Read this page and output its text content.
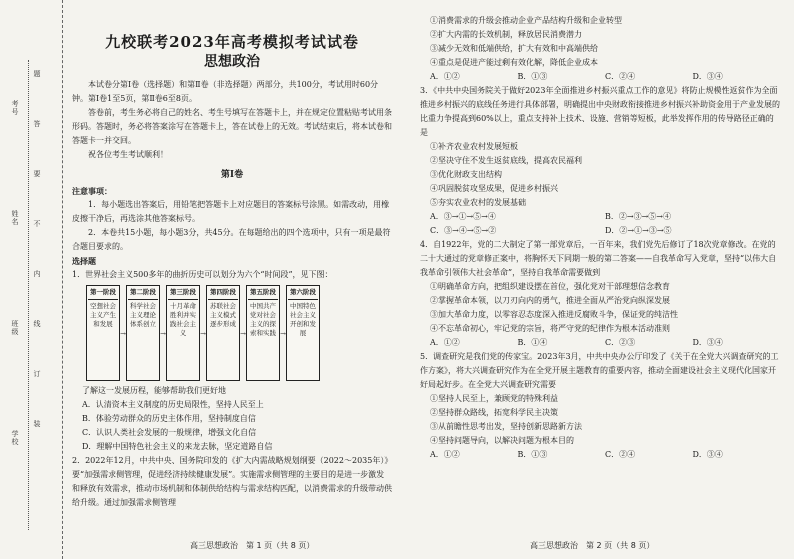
题
答
要
不
内
线
订
装
考号
姓名
班级
学校
九校联考2023年高考模拟考试试卷
思想政治

本试卷分第Ⅰ卷（选择题）和第Ⅱ卷（非选择题）两部分，共100分，考试用时60分钟。第Ⅰ卷1至5页，第Ⅱ卷6至8页。

答卷前，考生务必将自己的姓名、考生号填写在答题卡上，并在规定位置粘贴考试用条形码。答题时，务必将答案涂写在答题卡上，答在试卷上的无效。考试结束后，将本试卷和答题卡一并交回。

祝各位考生考试顺利！

第Ⅰ卷

注意事项：

1．每小题选出答案后，用铅笔把答题卡上对应题目的答案标号涂黑。如需改动，用橡皮擦干净后，再选涂其他答案标号。

2．本卷共15小题，每小题3分，共45分。在每题给出的四个选项中，只有一项是最符合题目要求的。

选择题

1．世界社会主义500多年的曲折历史可以划分为六个“时间段”，见下图：

第一阶段
空想社会主义产生和发展
→
第二阶段
科学社会主义理论体系创立
→
第三阶段
十月革命胜利并实践社会主义	→
第四阶段
苏联社会主义模式逐步形成
→
第五阶段
中国共产党对社会主义的探索和实践 →
第六阶段
中国特色社会主义开创和发展

了解这一发展历程，能够帮助我们更好地

A．认清资本主义制度的历史局限性，坚持人民至上

B．体验劳动群众的历史主体作用，坚持制度自信

C．认识人类社会发展的一般规律，增强文化自信

D．理解中国特色社会主义的来龙去脉，坚定道路自信

2．2022年12月，中共中央、国务院印发的《扩大内需战略规划纲要（2022～2035年）》要“加强需求侧管理，促进经济持续健康发展”。实施需求侧管理的主要目的是进一步激发和释放有效需求，推动市场机制和体制供给结构与需求结构匹配，以消费需求的升级带动供给升级。通过加强需求侧管理

①消费需求的升级会推动企业产品结构升级和企业转型

②扩大内需的长效机制，释放居民消费潜力

③减少无效和低端供给，扩大有效和中高端供给

④重点是促进产能过剩有效化解，降低企业成本

A．①②	B．①③	C．②④	D．③④

3．《中共中央国务院关于做好2023年全面推进乡村振兴重点工作的意见》将防止规模性返贫作为全面推进乡村振兴的底线任务进行具体部署，明确提出中央财政衔接推进乡村振兴补助资金用于产业发展的比重力争提高到60%以上，重点支持补上技术、设施、营销等短板，此举发挥作用的传导路径正确的是

①补齐农业农村发展短板

②坚决守住不发生返贫底线，提高农民福利

③优化财政支出结构

④巩固脱贫攻坚成果，促进乡村振兴

⑤夯实农业农村的发展基础

A．③→①→⑤→④	B．②→③→⑤→④
C．③→④→⑤→②	D．②→①→③→⑤

4．自1922年，党的二大制定了第一部党章后，一百年来，我们党先后修订了18次党章修改。在党的二十大通过的党章修正案中，将胸怀天下同期一般的第二答案——自我革命写入党章，坚持“以伟大自我革命引领伟大社会革命”，坚持自我革命需要做到

①明确革命方向，把组织建设摆在首位，强化党对干部理想信念教育

②掌握革命本领，以刀刃向内的勇气，推进全面从严治党向纵深发展

③加大革命力度，以零容忍态度深入推进反腐败斗争，保证党的纯洁性

④不忘革命初心，牢记党的宗旨，将严守党的纪律作为根本活动准则

A．①②	B．①④	C．②③	D．③④

5．调查研究是我们党的传家宝。2023年3月，中共中央办公厅印发了《关于在全党大兴调查研究的工作方案》，将大兴调查研究作为在全党开展主题教育的重要内容，推动全面建设社会主义现代化国家开好局起好步。在全党大兴调查研究需要

①坚持人民至上，兼顾党的特殊利益

②坚持群众路线，拓宽科学民主决策

③从前瞻性思考出发，坚持创新思路新方法

④坚持问题导向，以解决问题为根本目的

A．①②	B．①③	C．②④	D．③④
高三思想政治　第 1 页（共 8 页）	高三思想政治　第 2 页（共 8 页）
